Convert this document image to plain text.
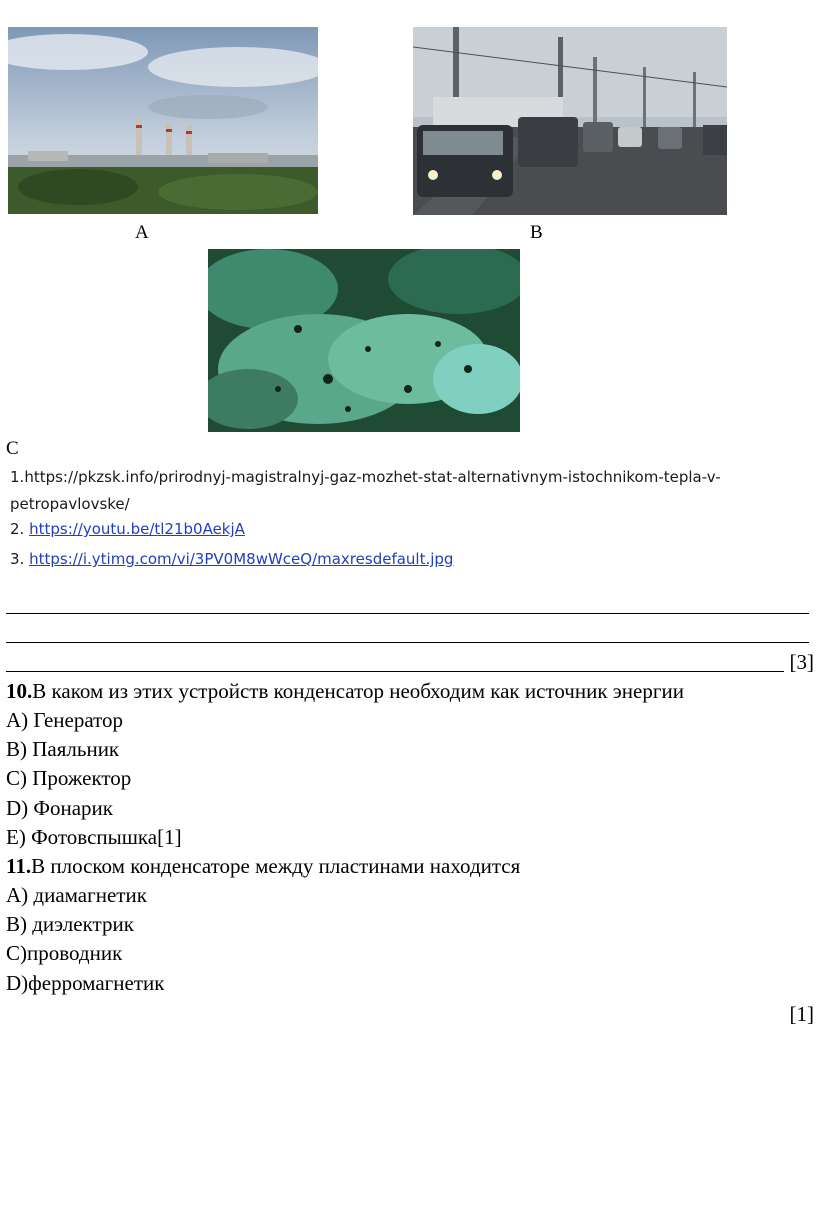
A	B
C
1.https://pkzsk.info/prirodnyj-magistralnyj-gaz-mozhet-stat-alternativnym-istochnikom-tepla-v-
petropavlovske/
2. https://youtu.be/tl21b0AekjA
3. https://i.ytimg.com/vi/3PV0M8wWceQ/maxresdefault.jpg
[3]
10.В каком из этих устройств конденсатор необходим как источник энергии
А) Генератор
В) Паяльник
С) Прожектор
D) Фонарик
Е) Фотовспышка[1]
11.В плоском конденсаторе между пластинами находится
А) диамагнетик
В) диэлектрик
С)проводник
D)ферромагнетик
[1]
